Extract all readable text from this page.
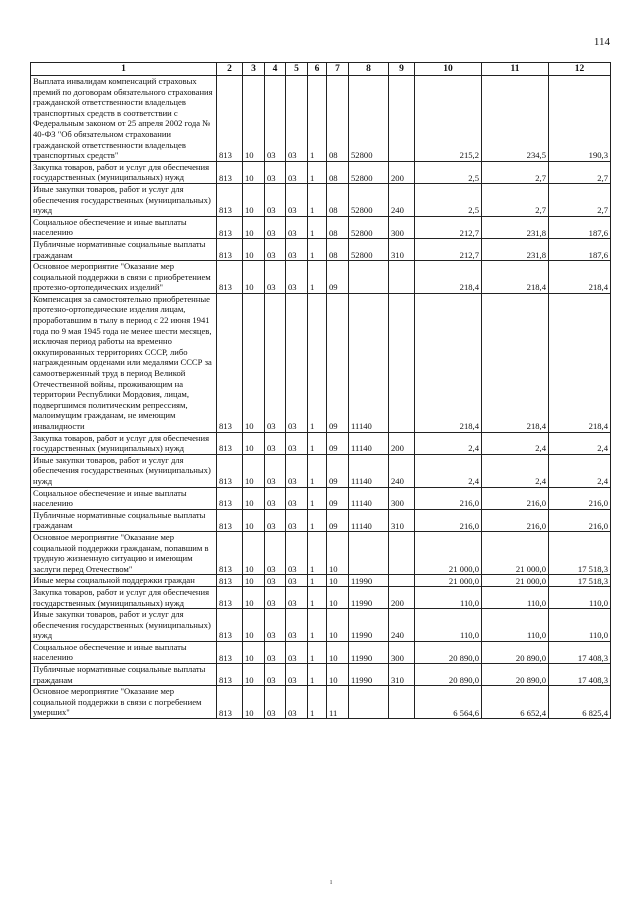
114
1	2	3	4	5	6	7	8	9	10	11	12
Выплата инвалидам компенсаций страховых премий по договорам обязательного страхования гражданской ответственности владельцев транспортных средств в соответствии с Федеральным законом от 25 апреля 2002 года № 40-ФЗ "Об обязательном страховании гражданской ответственности владельцев транспортных средств"	813	10	03	03	1	08	52800		215,2	234,5	190,3
Закупка товаров, работ и услуг для обеспечения государственных (муниципальных) нужд	813	10	03	03	1	08	52800	200	2,5	2,7	2,7
Иные закупки товаров, работ и услуг для обеспечения государственных (муниципальных) нужд	813	10	03	03	1	08	52800	240	2,5	2,7	2,7
Социальное обеспечение и иные выплаты населению	813	10	03	03	1	08	52800	300	212,7	231,8	187,6
Публичные нормативные социальные выплаты гражданам	813	10	03	03	1	08	52800	310	212,7	231,8	187,6
Основное мероприятие "Оказание мер социальной поддержки в связи с приобретением протезно-ортопедических изделий"	813	10	03	03	1	09			218,4	218,4	218,4
Компенсация за самостоятельно приобретенные протезно-ортопедические изделия лицам, проработавшим в тылу в период с 22 июня 1941 года по 9 мая 1945 года не менее шести месяцев, исключая период работы на временно оккупированных территориях СССР, либо награжденным орденами или медалями СССР за самоотверженный труд в период Великой Отечественной войны, проживающим на территории Республики Мордовия, лицам, подвергшимся политическим репрессиям, малоимущим гражданам, не имеющим инвалидности	813	10	03	03	1	09	11140		218,4	218,4	218,4
Закупка товаров, работ и услуг для обеспечения государственных (муниципальных) нужд	813	10	03	03	1	09	11140	200	2,4	2,4	2,4
Иные закупки товаров, работ и услуг для обеспечения государственных (муниципальных) нужд	813	10	03	03	1	09	11140	240	2,4	2,4	2,4
Социальное обеспечение и иные выплаты населению	813	10	03	03	1	09	11140	300	216,0	216,0	216,0
Публичные нормативные социальные выплаты гражданам	813	10	03	03	1	09	11140	310	216,0	216,0	216,0
Основное мероприятие "Оказание мер социальной поддержки гражданам, попавшим в трудную жизненную ситуацию и имеющим заслуги перед Отечеством"	813	10	03	03	1	10			21 000,0	21 000,0	17 518,3
Иные меры социальной поддержки граждан	813	10	03	03	1	10	11990		21 000,0	21 000,0	17 518,3
Закупка товаров, работ и услуг для обеспечения государственных (муниципальных) нужд	813	10	03	03	1	10	11990	200	110,0	110,0	110,0
Иные закупки товаров, работ и услуг для обеспечения государственных (муниципальных) нужд	813	10	03	03	1	10	11990	240	110,0	110,0	110,0
Социальное обеспечение и иные выплаты населению	813	10	03	03	1	10	11990	300	20 890,0	20 890,0	17 408,3
Публичные нормативные социальные выплаты гражданам	813	10	03	03	1	10	11990	310	20 890,0	20 890,0	17 408,3
Основное мероприятие "Оказание мер социальной поддержки в связи с погребением умерших"	813	10	03	03	1	11			6 564,6	6 652,4	6 825,4
ı
